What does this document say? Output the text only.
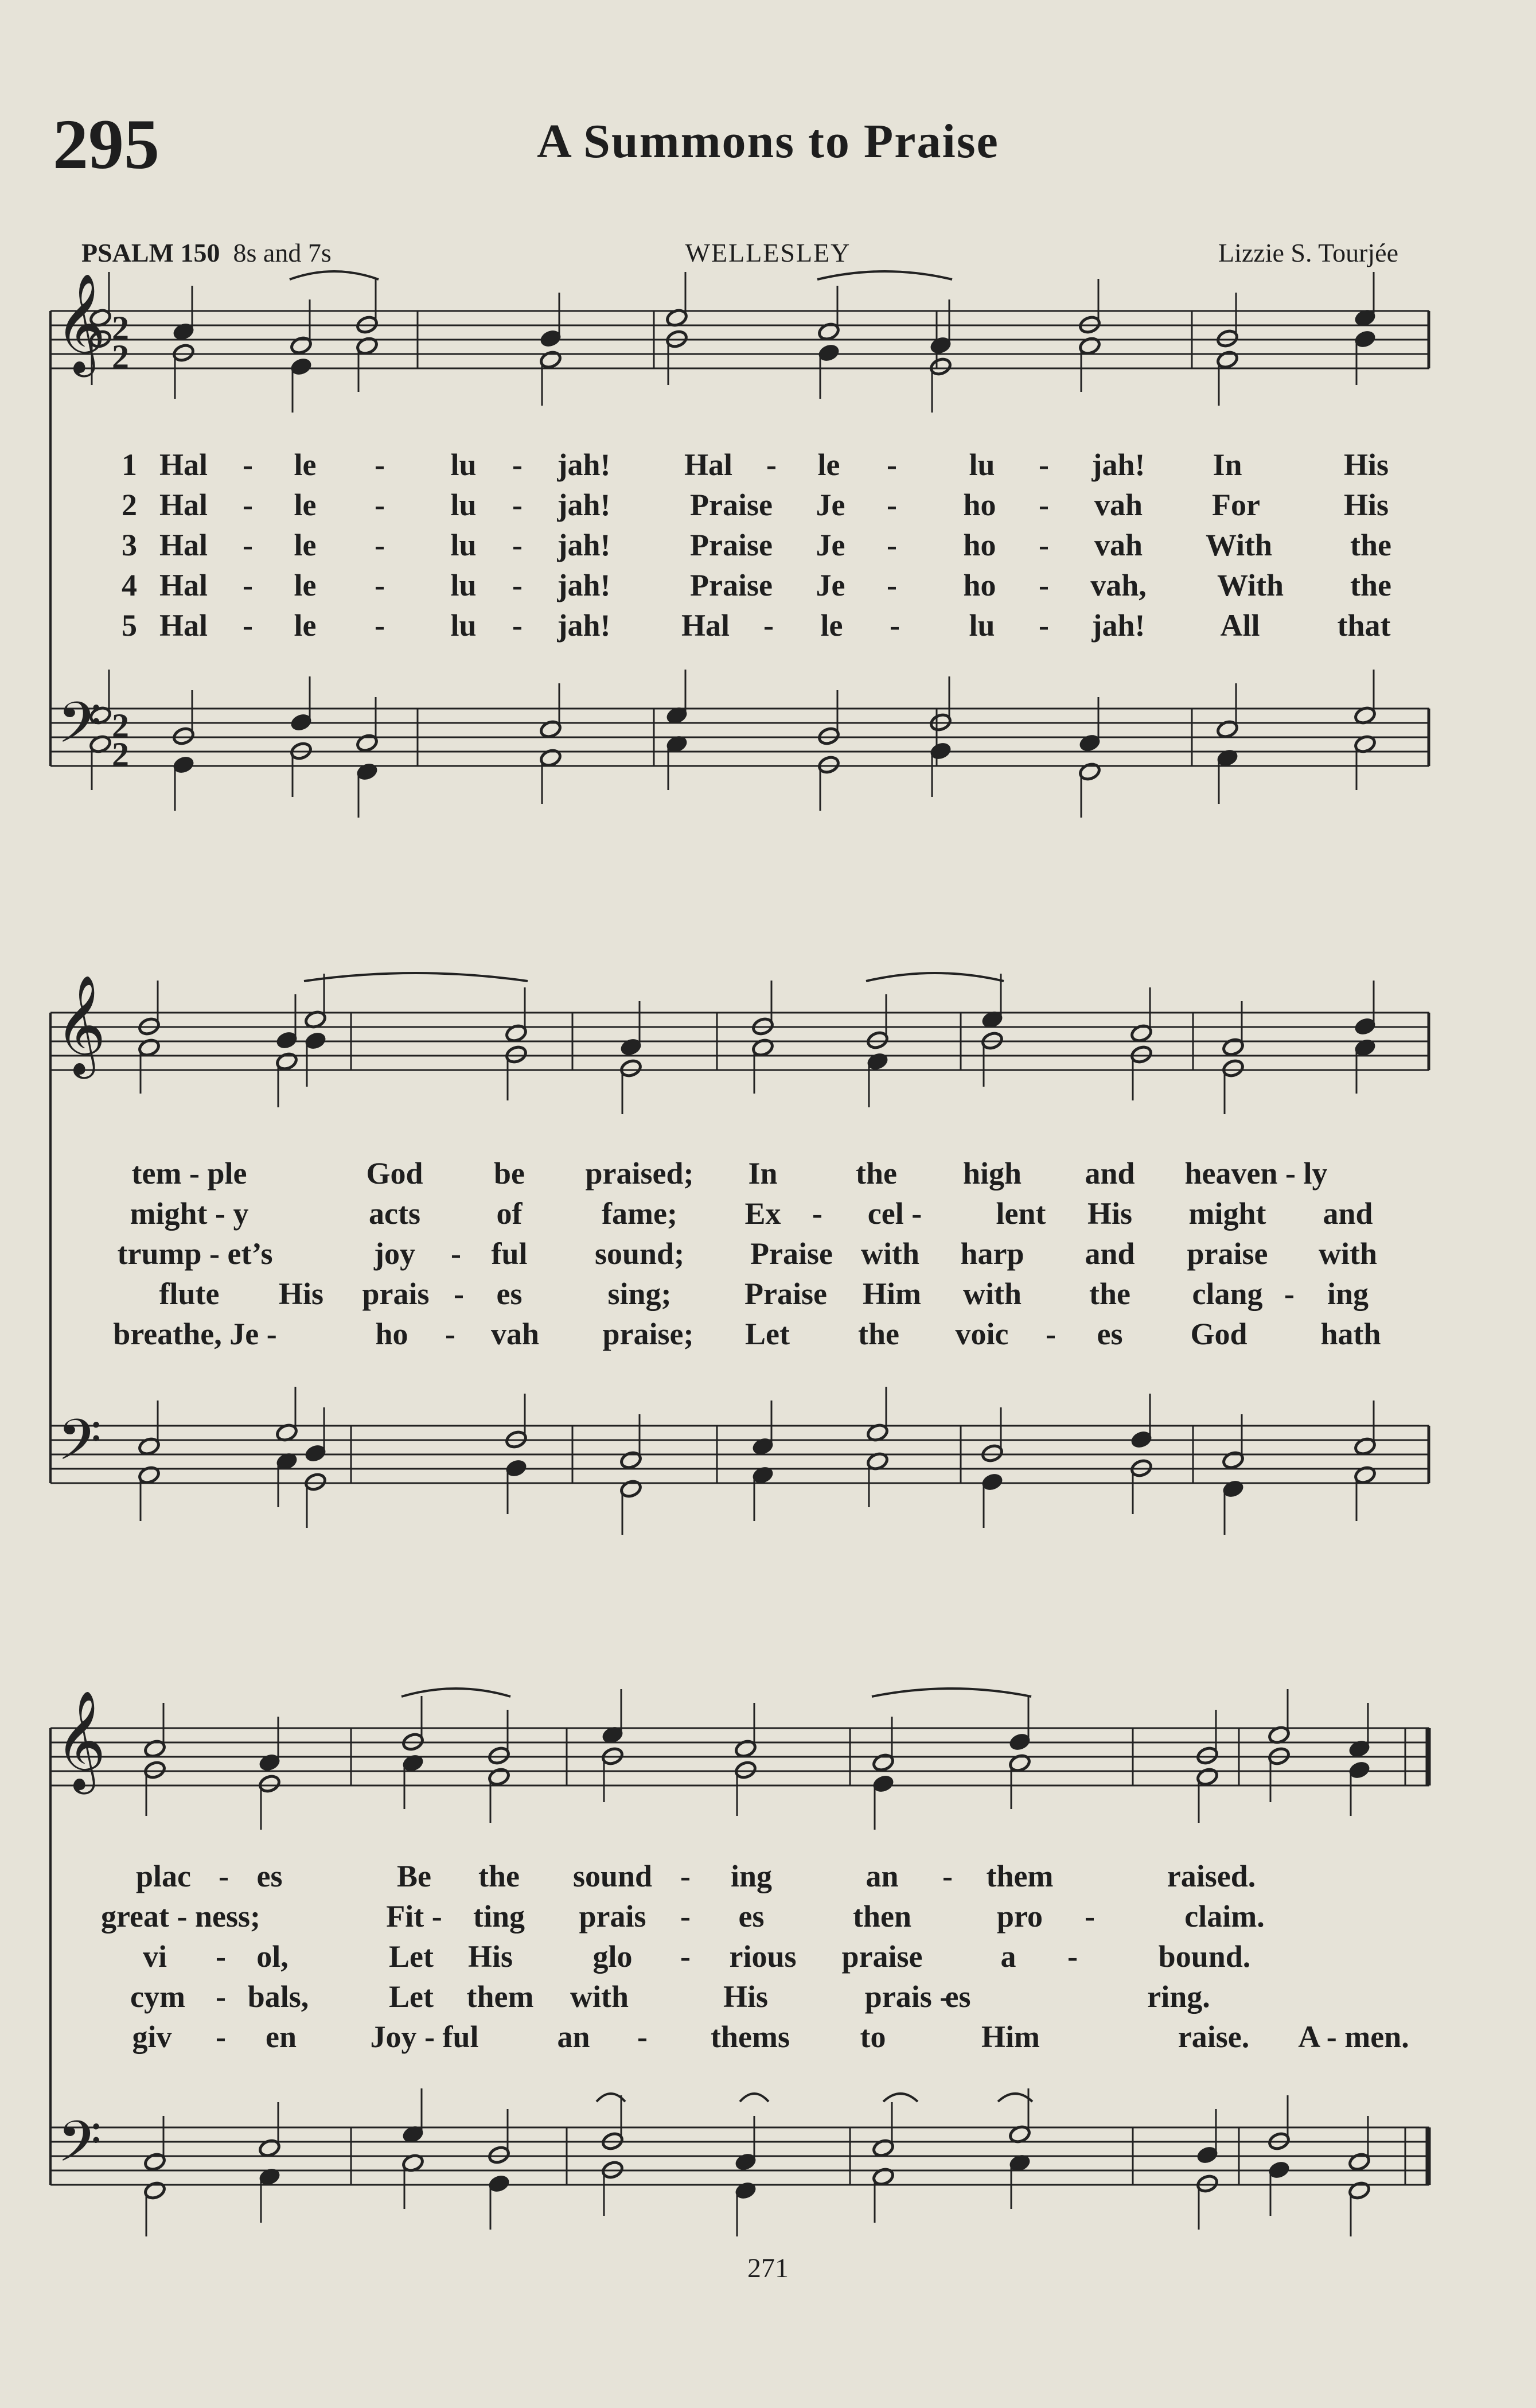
295	A Summons to Praise
PSALM 150 8s and 7s	WELLESLEY	Lizzie S. Tourjée
𝄞
𝄢
2
2
2
2
𝄞
𝄢
𝄞
𝄢
1 Hal - le - lu - jah! Hal - le - lu - jah! In	His
2 Hal - le - lu - jah!	Praise Je - ho - vah For	His
3 Hal - le - lu - jah!	Praise Je - ho - vah With	the
4 Hal - le - lu - jah!	Praise Je - ho - vah, With the
5 Hal - le - lu - jah! Hal - le - lu - jah! All that
tem - ple	God be praised; In	the high and heaven - ly
might - y	acts of	fame; Ex - cel - lent His might and
trump - et’s	joy - ful sound; Praise with harp and praise with
flute His prais - es	sing; Praise Him with the clang - ing
breathe, Je -	ho - vah praise; Let the voic - es God hath
plac - es	Be the sound - ing	an - them	raised.
great - ness;	Fit - ting prais - es	then	pro -	claim.
vi - ol,	Let His	glo - rious praise	a -	bound.
cym - bals,	Let them with	His	prais -
es	ring.
giv - en Joy - ful	an - thems to	Him	raise. A - men.
271
